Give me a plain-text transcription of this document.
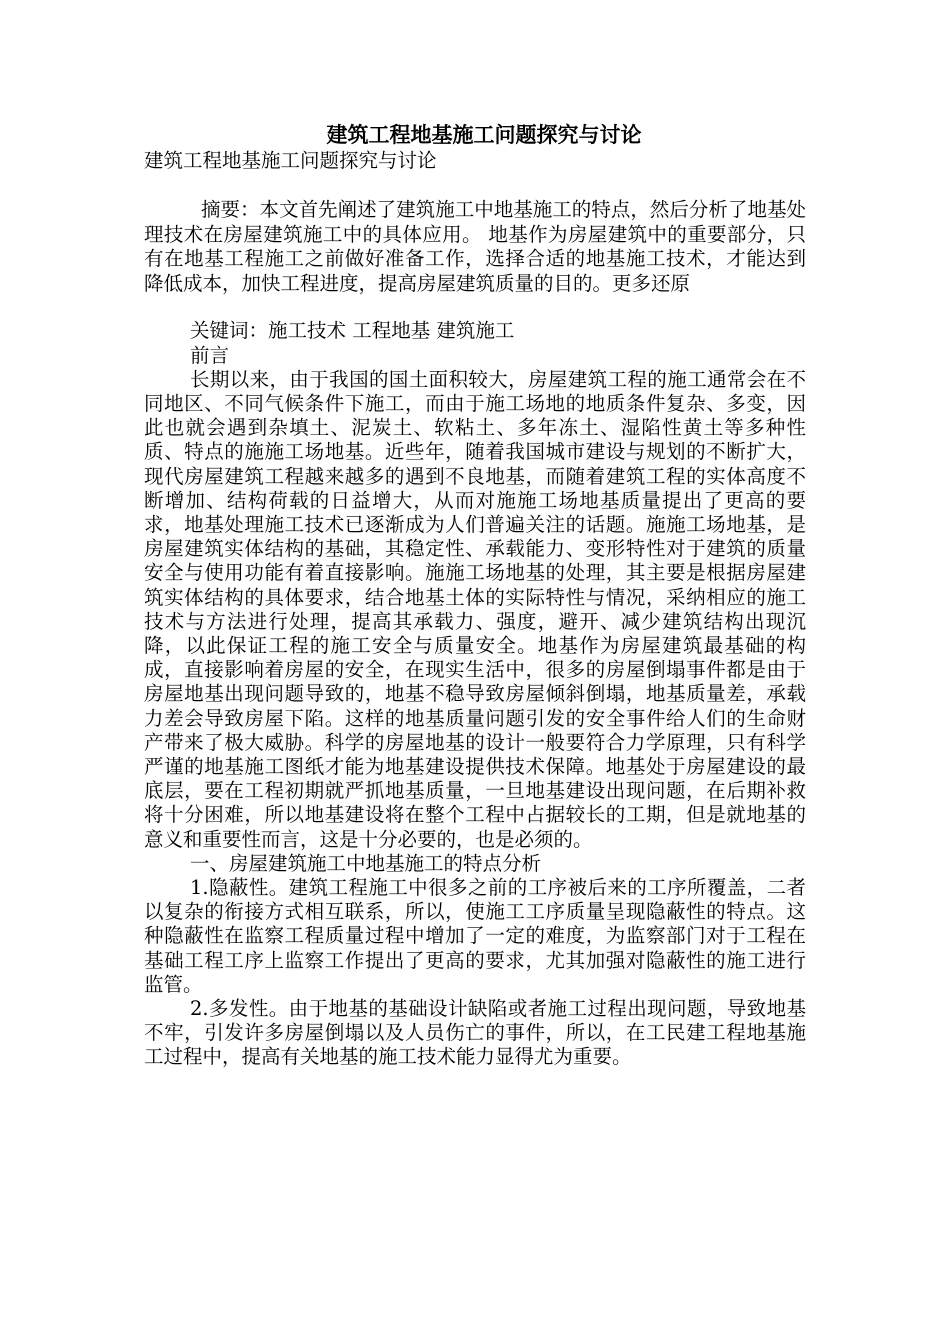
建筑工程地基施工问题探究与讨论

建筑工程地基施工问题探究与讨论

摘要：本文首先阐述了建筑施工中地基施工的特点，然后分析了地基处理技术在房屋建筑施工中的具体应用。 地基作为房屋建筑中的重要部分，只有在地基工程施工之前做好准备工作，选择合适的地基施工技术，才能达到降低成本，加快工程进度，提高房屋建筑质量的目的。更多还原

关键词：施工技术 工程地基 建筑施工

前言

长期以来，由于我国的国土面积较大，房屋建筑工程的施工通常会在不同地区、不同气候条件下施工，而由于施工场地的地质条件复杂、多变，因此也就会遇到杂填土、泥炭土、软粘土、多年冻土、湿陷性黄土等多种性质、特点的施施工场地基。近些年，随着我国城市建设与规划的不断扩大，现代房屋建筑工程越来越多的遇到不良地基，而随着建筑工程的实体高度不断增加、结构荷载的日益增大，从而对施施工场地基质量提出了更高的要求，地基处理施工技术已逐渐成为人们普遍关注的话题。施施工场地基，是房屋建筑实体结构的基础，其稳定性、承载能力、变形特性对于建筑的质量安全与使用功能有着直接影响。施施工场地基的处理，其主要是根据房屋建筑实体结构的具体要求，结合地基土体的实际特性与情况，采纳相应的施工技术与方法进行处理，提高其承载力、强度，避开、减少建筑结构出现沉降，以此保证工程的施工安全与质量安全。地基作为房屋建筑最基础的构成，直接影响着房屋的安全，在现实生活中，很多的房屋倒塌事件都是由于房屋地基出现问题导致的，地基不稳导致房屋倾斜倒塌，地基质量差，承载力差会导致房屋下陷。这样的地基质量问题引发的安全事件给人们的生命财产带来了极大威胁。科学的房屋地基的设计一般要符合力学原理，只有科学严谨的地基施工图纸才能为地基建设提供技术保障。地基处于房屋建设的最底层，要在工程初期就严抓地基质量，一旦地基建设出现问题，在后期补救将十分困难，所以地基建设将在整个工程中占据较长的工期，但是就地基的意义和重要性而言，这是十分必要的，也是必须的。

一、房屋建筑施工中地基施工的特点分析

1.隐蔽性。建筑工程施工中很多之前的工序被后来的工序所覆盖，二者以复杂的衔接方式相互联系，所以，使施工工序质量呈现隐蔽性的特点。这种隐蔽性在监察工程质量过程中增加了一定的难度，为监察部门对于工程在基础工程工序上监察工作提出了更高的要求，尤其加强对隐蔽性的施工进行监管。

2.多发性。由于地基的基础设计缺陷或者施工过程出现问题，导致地基不牢，引发许多房屋倒塌以及人员伤亡的事件，所以，在工民建工程地基施工过程中，提高有关地基的施工技术能力显得尤为重要。
